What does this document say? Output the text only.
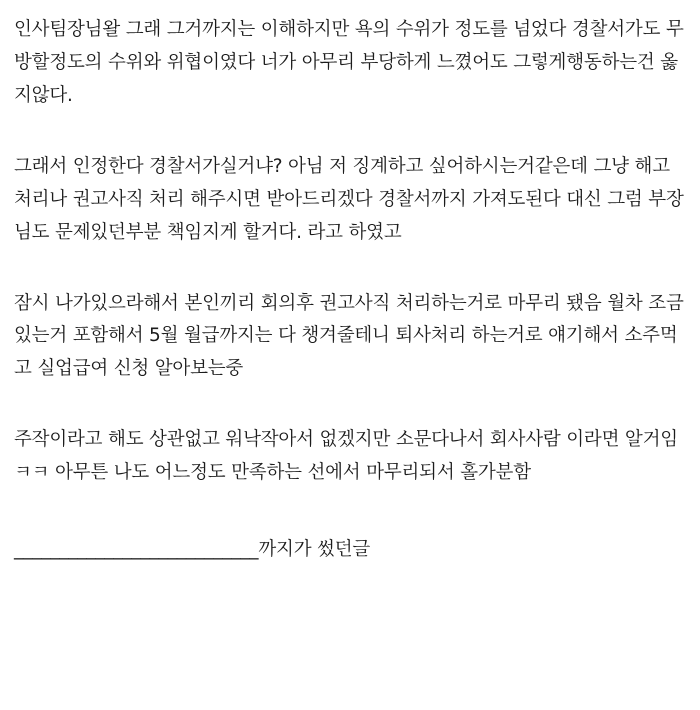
인사팀장님왈 그래 그거까지는 이해하지만 욕의 수위가 정도를 넘었다 경찰서가도 무방할정도의 수위와 위협이였다 너가 아무리 부당하게 느꼈어도 그렇게행동하는건 옳지않다.

그래서 인정한다 경찰서가실거냐? 아님 저 징계하고 싶어하시는거같은데 그냥 해고처리나 권고사직 처리 해주시면 받아드리겠다 경찰서까지 가져도된다 대신 그럼 부장님도 문제있던부분 책임지게 할거다. 라고 하였고

잠시 나가있으라해서 본인끼리 회의후 권고사직 처리하는거로 마무리 됐음 월차 조금있는거 포함해서 5월 월급까지는 다 챙겨줄테니 퇴사처리 하는거로 얘기해서 소주먹고 실업급여 신청 알아보는중

주작이라고 해도 상관없고 워낙작아서 없겠지만 소문다나서 회사사람 이라면 알거임 ㅋㅋ 아무튼 나도 어느정도 만족하는 선에서 마무리되서 홀가분함

___________________________까지가 썼던글
